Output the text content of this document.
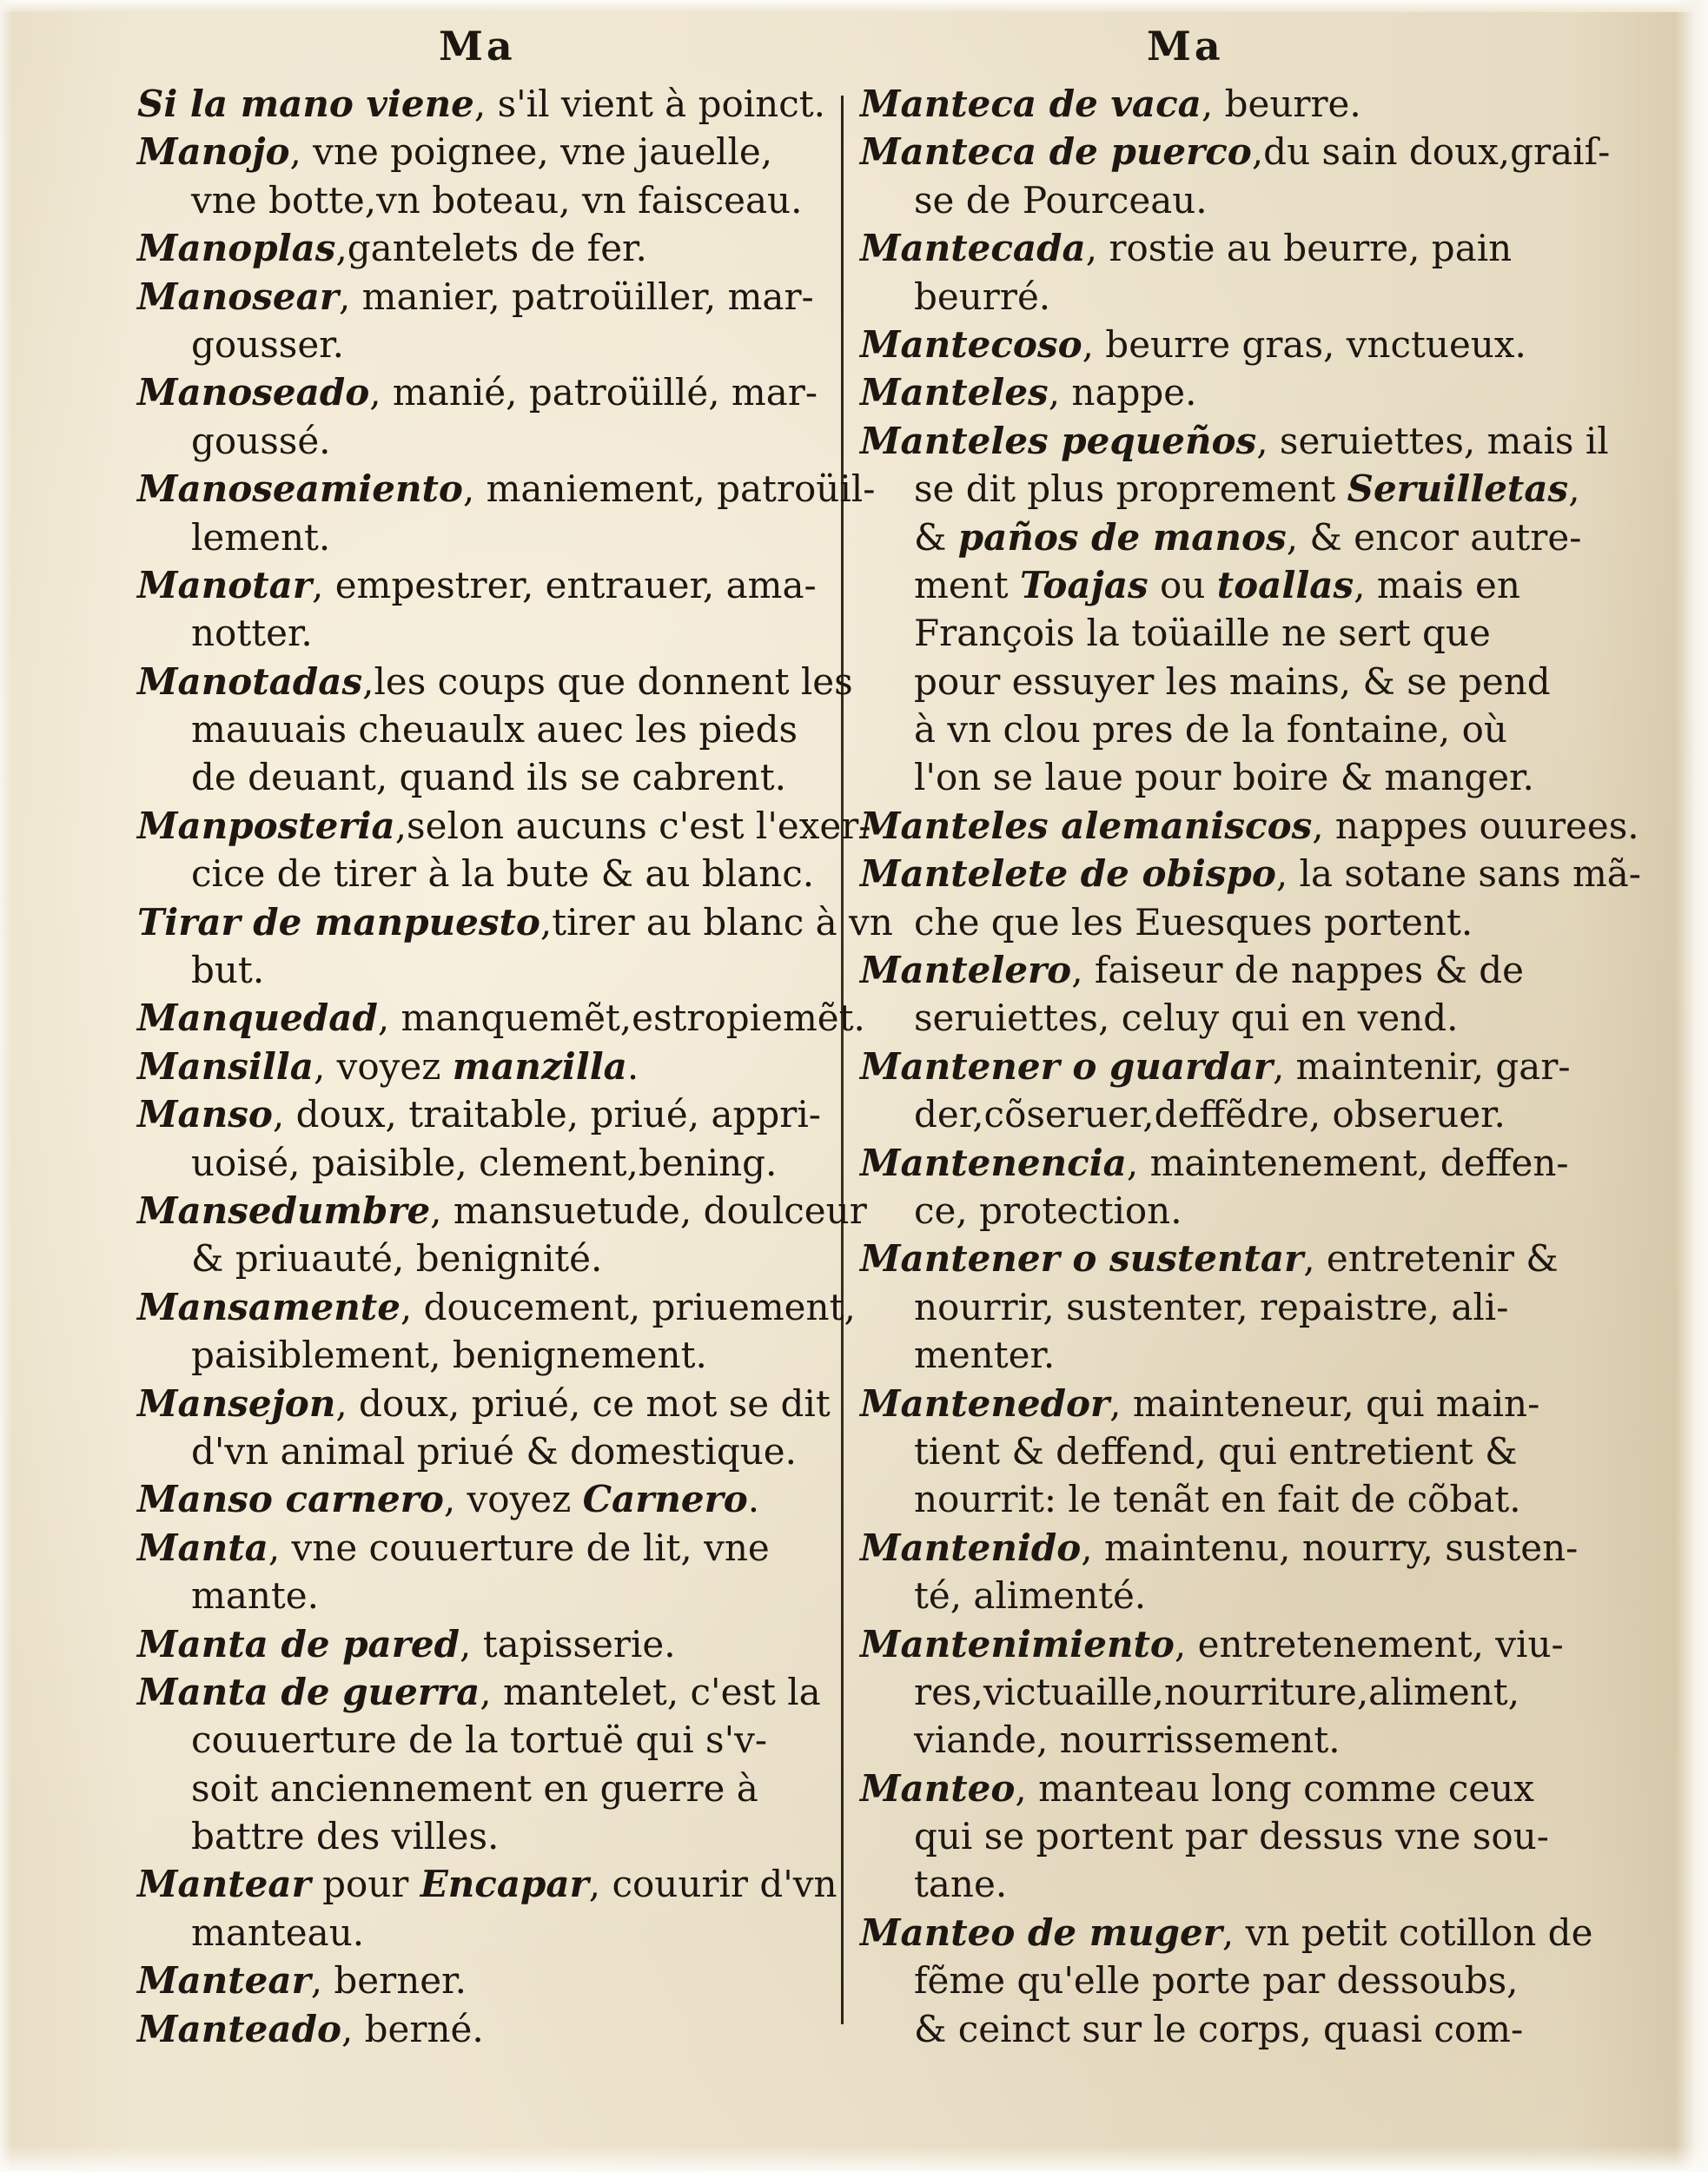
Ma	Ma
Si la mano viene, s'il vient à poinct.
Manojo, vne poignee, vne jauelle,
vne botte,vn boteau, vn faisceau.
Manoplas,gantelets de fer.
Manosear, manier, patroüiller, mar-
gousser.
Manoseado, manié, patroüillé, mar-
goussé.
Manoseamiento, maniement, patroüil-
lement.
Manotar, empestrer, entrauer, ama-
notter.
Manotadas,les coups que donnent les
mauuais cheuaulx auec les pieds
de deuant, quand ils se cabrent.
Manposteria,selon aucuns c'est l'exer-
cice de tirer à la bute & au blanc.
Tirar de manpuesto,tirer au blanc à vn
but.
Manquedad, manquemẽt,estropiemẽt.
Mansilla, voyez manzilla.
Manso, doux, traitable, priué, appri-
uoisé, paisible, clement,bening.
Mansedumbre, mansuetude, doulceur
& priuauté, benignité.
Mansamente, doucement, priuement,
paisiblement, benignement.
Mansejon, doux, priué, ce mot se dit
d'vn animal priué & domestique.
Manso carnero, voyez Carnero.
Manta, vne couuerture de lit, vne
mante.
Manta de pared, tapisserie.
Manta de guerra, mantelet, c'est la
couuerture de la tortuë qui s'v-
soit anciennement en guerre à
battre des villes.
Mantear pour Encapar, couurir d'vn
manteau.
Mantear, berner.
Manteado, berné.
Manteca de vaca, beurre.
Manteca de puerco,du sain doux,graiſ-
se de Pourceau.
Mantecada, rostie au beurre, pain
beurré.
Mantecoso, beurre gras, vnctueux.
Manteles, nappe.
Manteles pequeños, seruiettes, mais il
se dit plus proprement Seruilletas,
& paños de manos, & encor autre-
ment Toajas ou toallas, mais en
François la toüaille ne sert que
pour essuyer les mains, & se pend
à vn clou pres de la fontaine, où
l'on se laue pour boire & manger.
Manteles alemaniscos, nappes ouurees.
Mantelete de obispo, la sotane sans mã-
che que les Euesques portent.
Mantelero, faiseur de nappes & de
seruiettes, celuy qui en vend.
Mantener o guardar, maintenir, gar-
der,cõseruer,deffẽdre, obseruer.
Mantenencia, maintenement, deffen-
ce, protection.
Mantener o sustentar, entretenir &
nourrir, sustenter, repaistre, ali-
menter.
Mantenedor, mainteneur, qui main-
tient & deffend, qui entretient &
nourrit: le tenãt en fait de cõbat.
Mantenido, maintenu, nourry, susten-
té, alimenté.
Mantenimiento, entretenement, viu-
res,victuaille,nourriture,aliment,
viande, nourrissement.
Manteo, manteau long comme ceux
qui se portent par dessus vne sou-
tane.
Manteo de muger, vn petit cotillon de
fẽme qu'elle porte par dessoubs,
& ceinct sur le corps, quasi com-
